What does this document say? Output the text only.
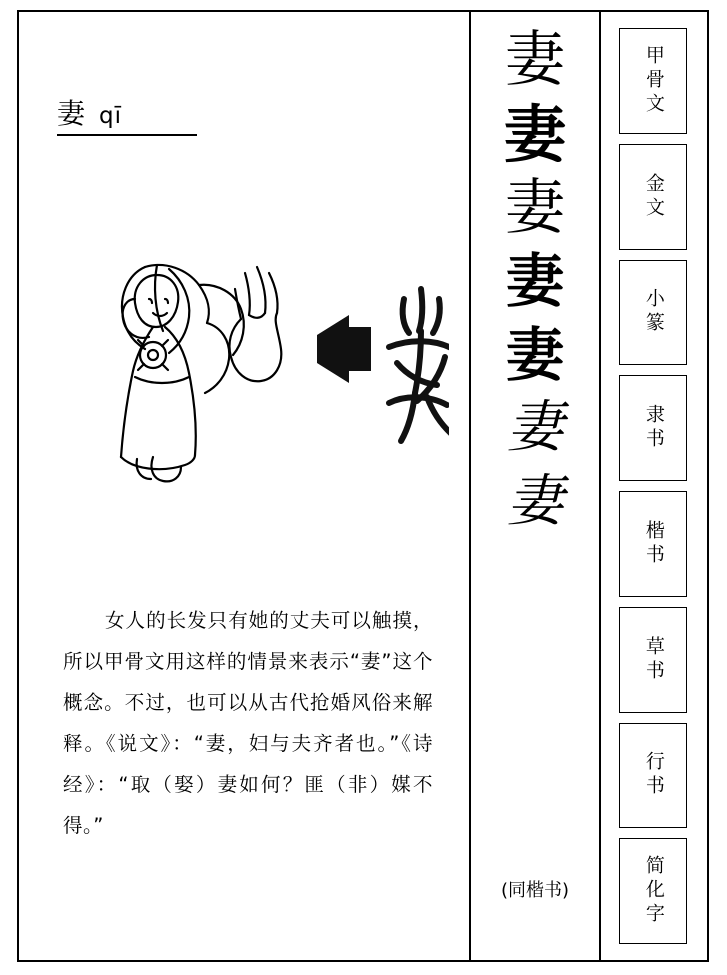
妻 qī
女人的长发只有她的丈夫可以触摸，所以甲骨文用这样的情景来表示“妻”这个概念。不过，也可以从古代抢婚风俗来解释。《说文》：“妻，妇与夫齐者也。”《诗经》：“取（娶）妻如何？匪（非）媒不得。”
妻
妻
妻
妻
妻
妻
妻
(同楷书)
甲骨文
金文
小篆
隶书
楷书
草书
行书
简化字
